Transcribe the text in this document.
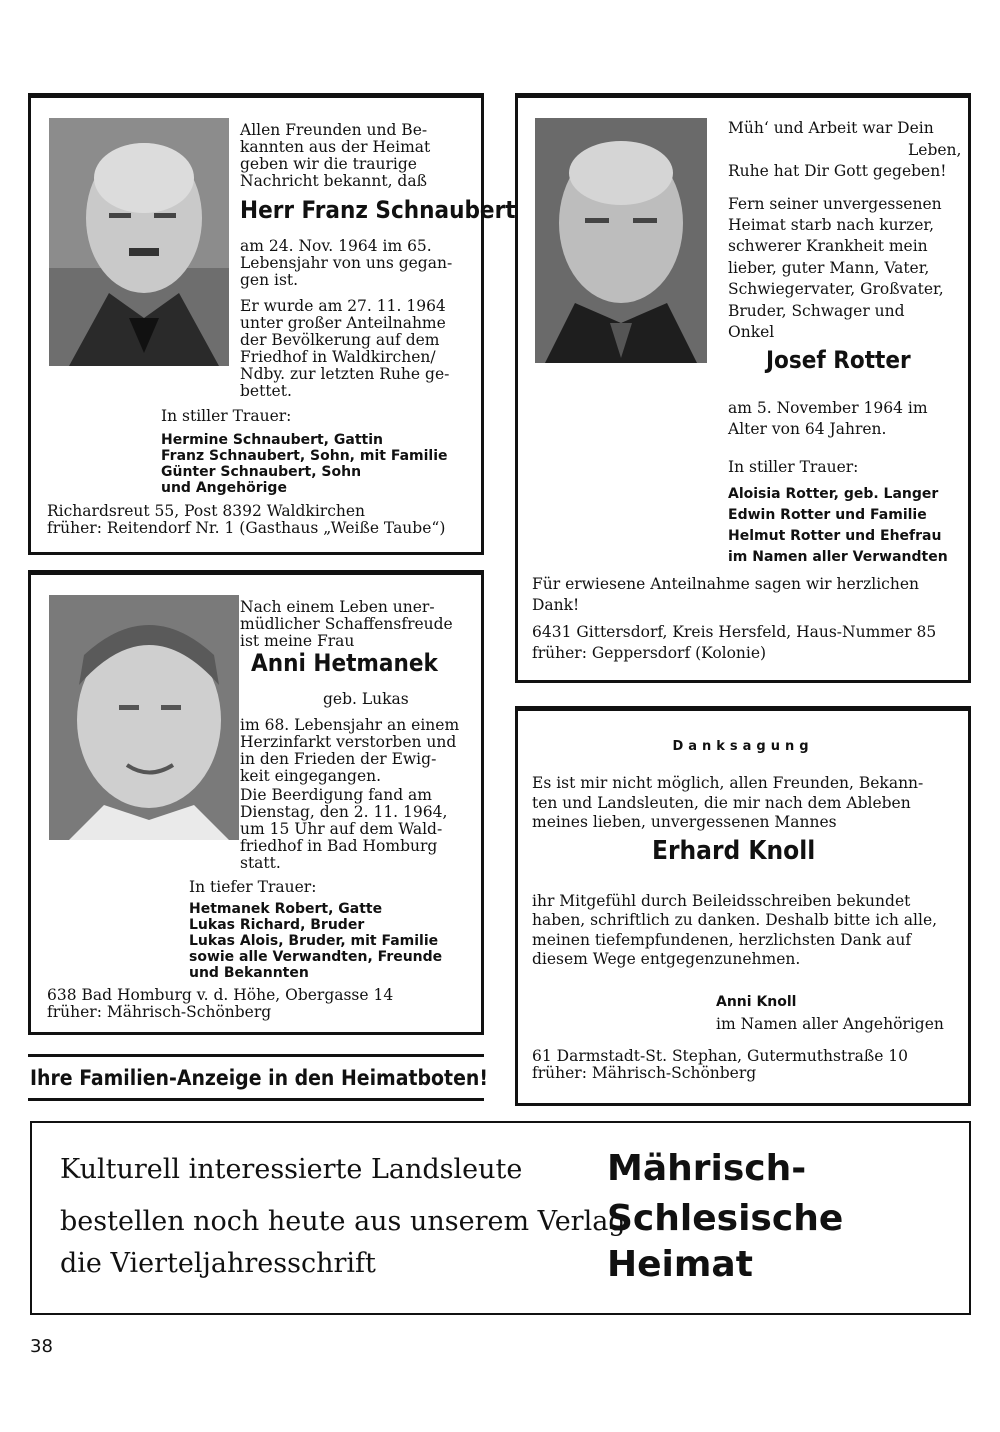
Allen Freunden und Be-
kannten aus der Heimat
geben wir die traurige
Nachricht bekannt, daß
Herr Franz Schnaubert
am 24. Nov. 1964 im 65.
Lebensjahr von uns gegan-
gen ist.
Er wurde am 27. 11. 1964
unter großer Anteilnahme
der Bevölkerung auf dem
Friedhof in Waldkirchen/
Ndby. zur letzten Ruhe ge-
bettet.
In stiller Trauer:
Hermine Schnaubert, Gattin
Franz Schnaubert, Sohn, mit Familie
Günter Schnaubert, Sohn
und Angehörige
Richardsreut 55, Post 8392 Waldkirchen
früher: Reitendorf Nr. 1 (Gasthaus „Weiße Taube“)
Nach einem Leben uner-
müdlicher Schaffensfreude
ist meine Frau
Anni Hetmanek
geb. Lukas
im 68. Lebensjahr an einem
Herzinfarkt verstorben und
in den Frieden der Ewig-
keit eingegangen.
Die Beerdigung fand am
Dienstag, den 2. 11. 1964,
um 15 Uhr auf dem Wald-
friedhof in Bad Homburg
statt.
In tiefer Trauer:
Hetmanek Robert, Gatte
Lukas Richard, Bruder
Lukas Alois, Bruder, mit Familie
sowie alle Verwandten, Freunde
und Bekannten
638 Bad Homburg v. d. Höhe, Obergasse 14
früher: Mährisch-Schönberg
Ihre Familien-Anzeige in den Heimatboten!
Müh‘ und Arbeit war Dein
Leben,
Ruhe hat Dir Gott gegeben!
Fern seiner unvergessenen
Heimat starb nach kurzer,
schwerer Krankheit mein
lieber, guter Mann, Vater,
Schwiegervater, Großvater,
Bruder, Schwager und
Onkel
Josef Rotter
am 5. November 1964 im
Alter von 64 Jahren.
In stiller Trauer:
Aloisia Rotter, geb. Langer
Edwin Rotter und Familie
Helmut Rotter und Ehefrau
im Namen aller Verwandten
Für erwiesene Anteilnahme sagen wir herzlichen
Dank!
6431 Gittersdorf, Kreis Hersfeld, Haus-Nummer 85
früher: Geppersdorf (Kolonie)
Danksagung
Es ist mir nicht möglich, allen Freunden, Bekann-
ten und Landsleuten, die mir nach dem Ableben
meines lieben, unvergessenen Mannes
Erhard Knoll
ihr Mitgefühl durch Beileidsschreiben bekundet
haben, schriftlich zu danken. Deshalb bitte ich alle,
meinen tiefempfundenen, herzlichsten Dank auf
diesem Wege entgegenzunehmen.
Anni Knoll
im Namen aller Angehörigen
61 Darmstadt-St. Stephan, Gutermuthstraße 10
früher: Mährisch-Schönberg
Kulturell interessierte Landsleute
bestellen noch heute aus unserem Verlag
die Vierteljahresschrift
Mährisch-
Schlesische
Heimat
38
